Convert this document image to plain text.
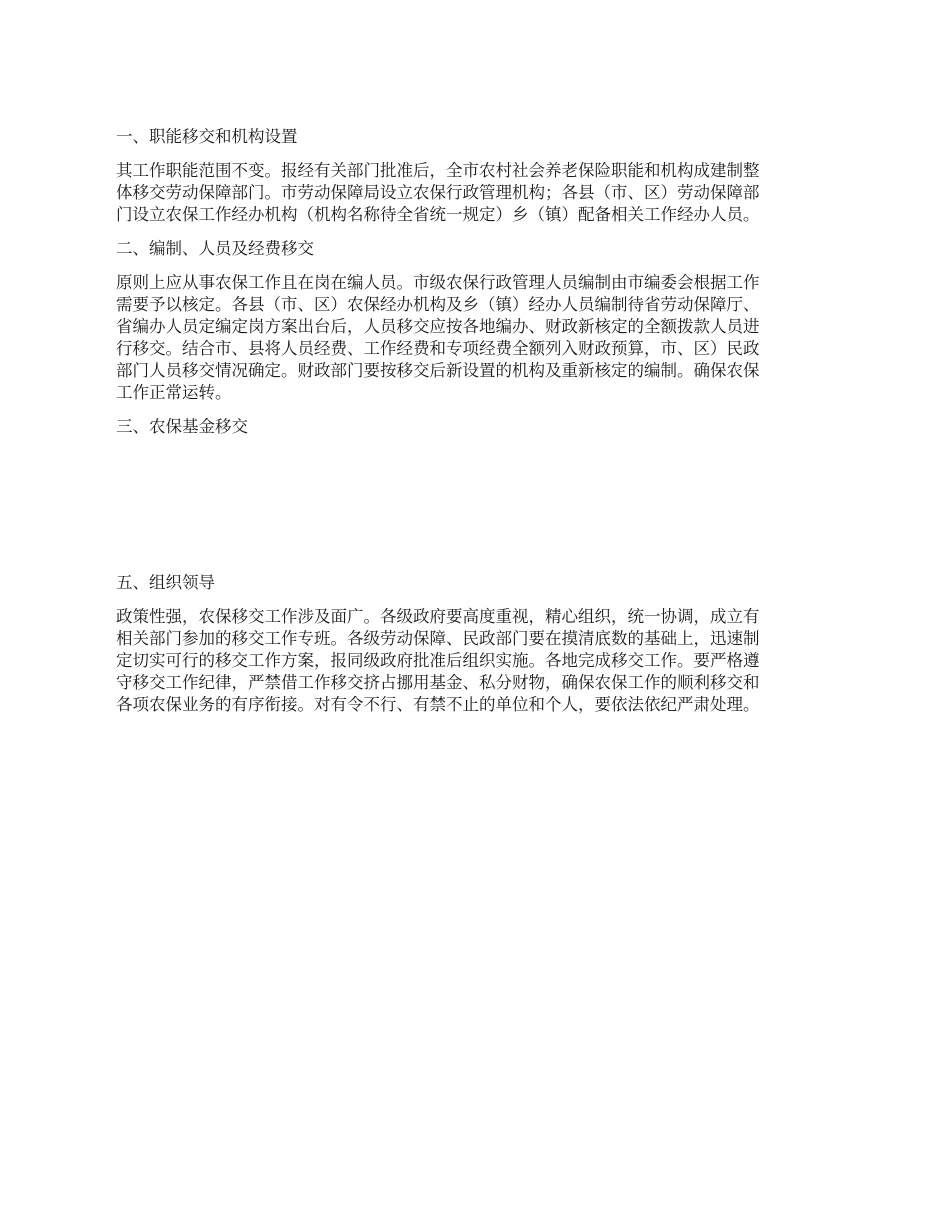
一、职能移交和机构设置
其工作职能范围不变。报经有关部门批准后，全市农村社会养老保险职能和机构成建制整
体移交劳动保障部门。市劳动保障局设立农保行政管理机构；各县（市、区）劳动保障部
门设立农保工作经办机构（机构名称待全省统一规定）乡（镇）配备相关工作经办人员。
二、编制、人员及经费移交
原则上应从事农保工作且在岗在编人员。市级农保行政管理人员编制由市编委会根据工作
需要予以核定。各县（市、区）农保经办机构及乡（镇）经办人员编制待省劳动保障厅、
省编办人员定编定岗方案出台后，人员移交应按各地编办、财政新核定的全额拨款人员进
行移交。结合市、县将人员经费、工作经费和专项经费全额列入财政预算，市、区）民政
部门人员移交情况确定。财政部门要按移交后新设置的机构及重新核定的编制。确保农保
工作正常运转。
三、农保基金移交
五、组织领导
政策性强，农保移交工作涉及面广。各级政府要高度重视，精心组织，统一协调，成立有
相关部门参加的移交工作专班。各级劳动保障、民政部门要在摸清底数的基础上，迅速制
定切实可行的移交工作方案，报同级政府批准后组织实施。各地完成移交工作。要严格遵
守移交工作纪律，严禁借工作移交挤占挪用基金、私分财物，确保农保工作的顺利移交和
各项农保业务的有序衔接。对有令不行、有禁不止的单位和个人，要依法依纪严肃处理。
